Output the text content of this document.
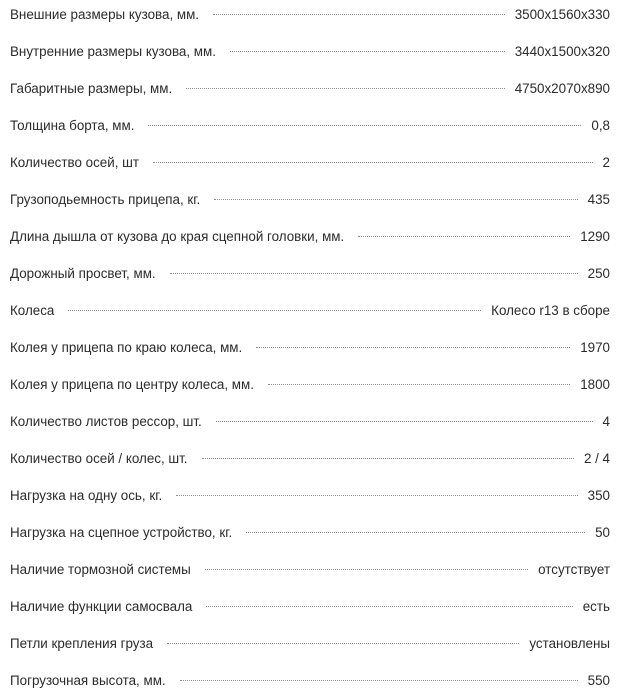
Внешние размеры кузова, мм.	3500x1560x330
Внутренние размеры кузова, мм.	3440x1500x320
Габаритные размеры, мм.	4750x2070x890
Толщина борта, мм.	0,8
Количество осей, шт	2
Грузоподьемность прицепа, кг.	435
Длина дышла от кузова до края сцепной головки, мм.	1290
Дорожный просвет, мм.	250
Колеса	Колесо r13 в сборе
Колея у прицепа по краю колеса, мм.	1970
Колея у прицепа по центру колеса, мм.	1800
Количество листов рессор, шт.	4
Количество осей / колес, шт.	2 / 4
Нагрузка на одну ось, кг.	350
Нагрузка на сцепное устройство, кг.	50
Наличие тормозной системы	отсутствует
Наличие функции самосвала	есть
Петли крепления груза	установлены
Погрузочная высота, мм.	550
